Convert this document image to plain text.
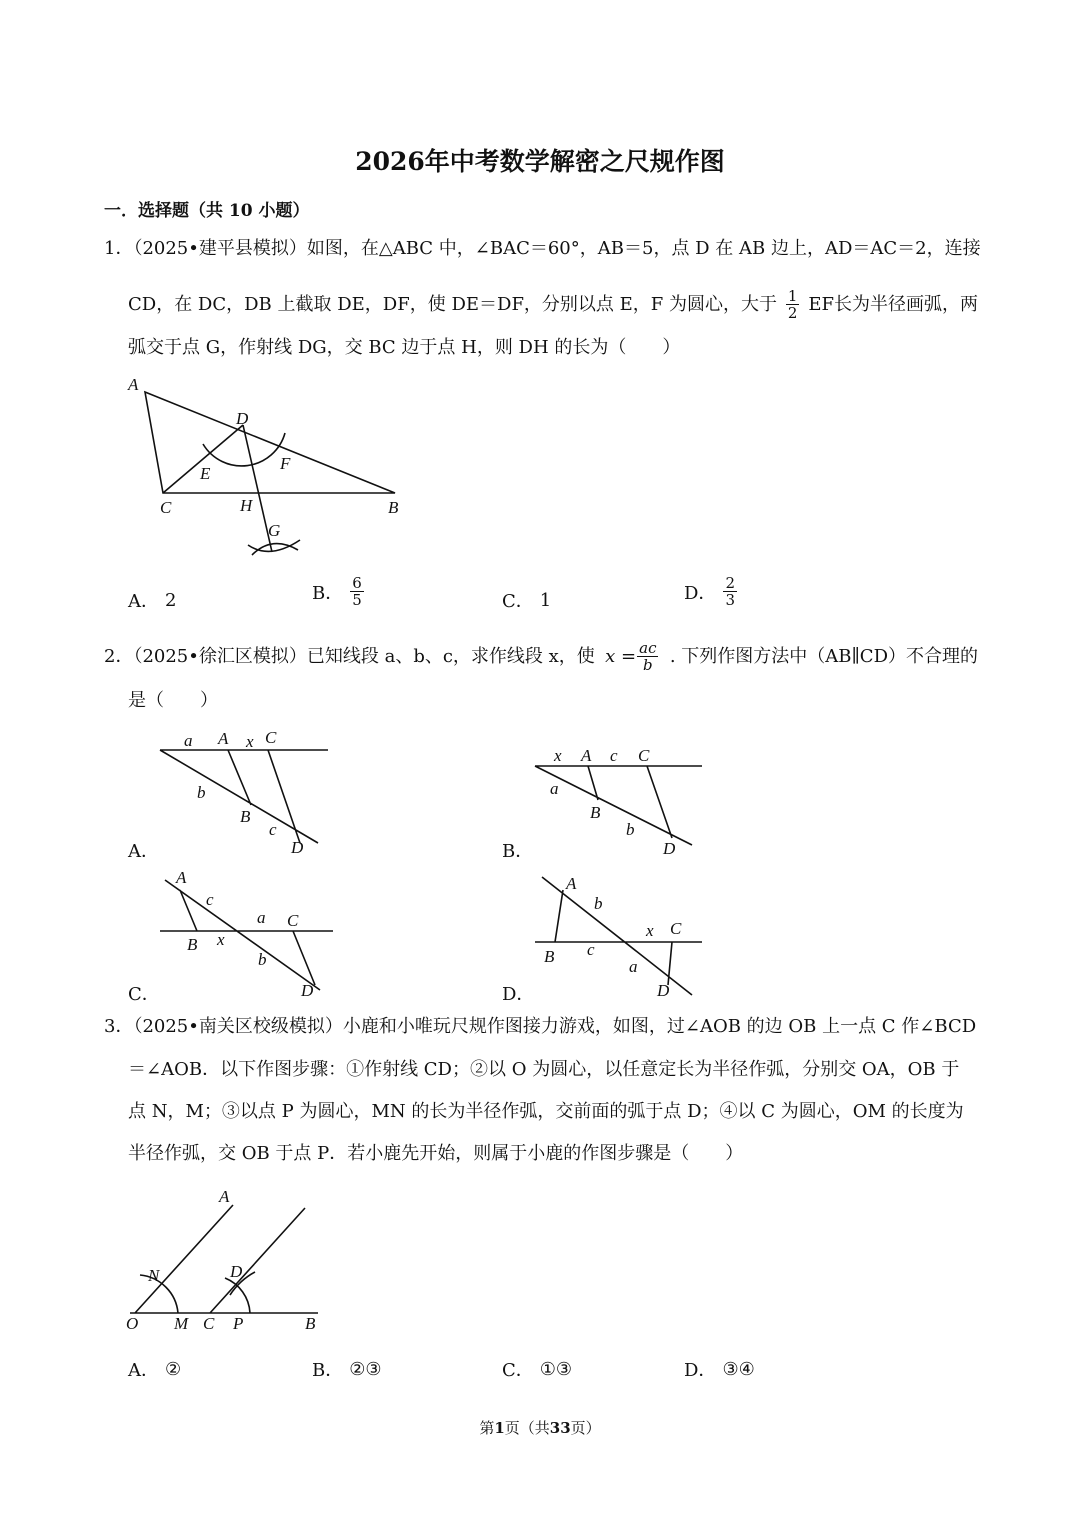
2026年中考数学解密之尺规作图
一．选择题（共 10 小题）
1．（2025•建平县模拟）如图，在△ABC 中，∠BAC＝60°，AB＝5，点 D 在 AB 边上，AD＝AC＝2，连接
CD，在 DC，DB 上截取 DE，DF，使 DE＝DF，分别以点 E，F 为圆心，大于 $\frac{1}{2}$ EF长为半径画弧，两
弧交于点 G，作射线 DG，交 BC 边于点 H，则 DH 的长为（　　）
A
D
E
F
C	H	B
G
a A x C
b
B
c
D
x A c C
a
B
b
D
A
c
a C
B x
b
D
A
b
x C
B c
a
D
A
N	D
O M C P	B
A． 2	B． $\frac{6}{5}$	C． 1	D． $\frac{2}{3}$
2．（2025•徐汇区模拟）已知线段 a、b、c，求作线段 x，使 $x = \frac{ac}{b}$ . 下列作图方法中（AB∥CD）不合理的
是（　　）
A．	B．
C．	D．
3．（2025•南关区校级模拟）小鹿和小唯玩尺规作图接力游戏，如图，过∠AOB 的边 OB 上一点 C 作∠BCD
＝∠AOB．以下作图步骤：①作射线 CD；②以 O 为圆心，以任意定长为半径作弧，分别交 OA，OB 于
点 N，M；③以点 P 为圆心，MN 的长为半径作弧，交前面的弧于点 D；④以 C 为圆心，OM 的长度为
半径作弧，交 OB 于点 P．若小鹿先开始，则属于小鹿的作图步骤是（　　）
A． ②	B． ②③	C． ①③	D． ③④
第1页（共33页）
